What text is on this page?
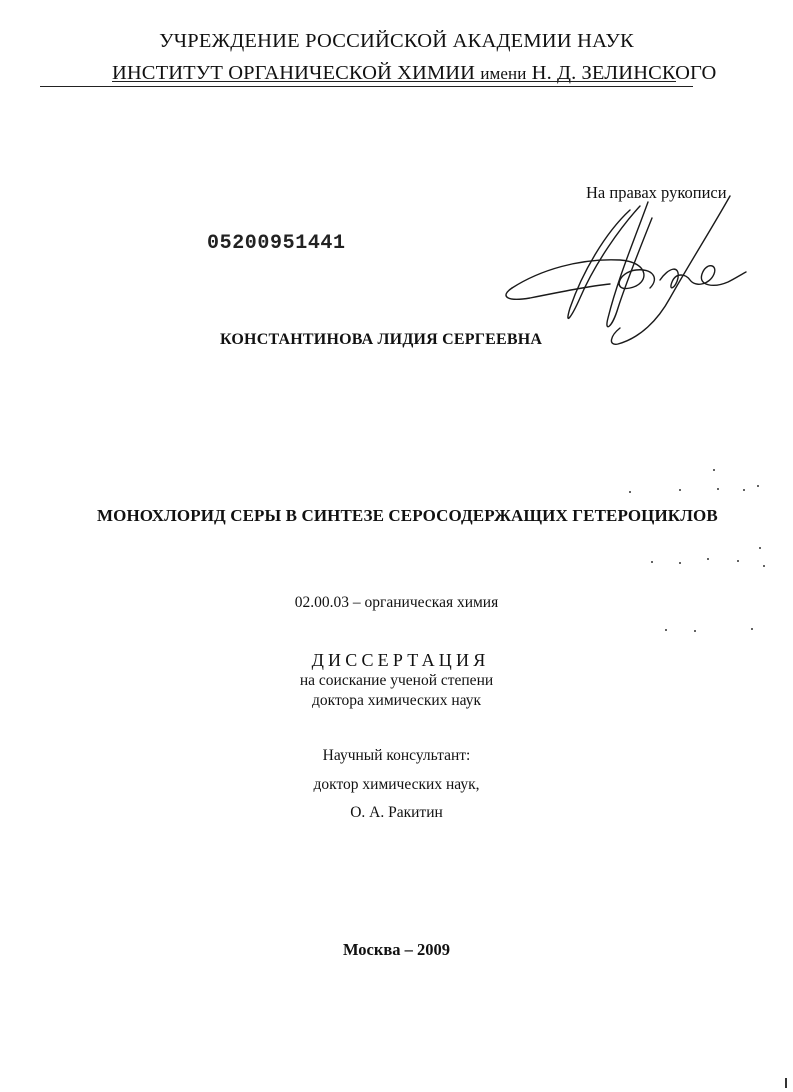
УЧРЕЖДЕНИЕ РОССИЙСКОЙ АКАДЕМИИ НАУК
ИНСТИТУТ ОРГАНИЧЕСКОЙ ХИМИИ имени Н. Д. ЗЕЛИНСКОГО
На правах рукописи
05200951441
КОНСТАНТИНОВА ЛИДИЯ СЕРГЕЕВНА
МОНОХЛОРИД СЕРЫ В СИНТЕЗЕ СЕРОСОДЕРЖАЩИХ ГЕТЕРОЦИКЛОВ
02.00.03 – органическая химия
ДИССЕРТАЦИЯ
на соискание ученой степени
доктора химических наук
Научный консультант:
доктор химических наук,
О. А. Ракитин
Москва – 2009
